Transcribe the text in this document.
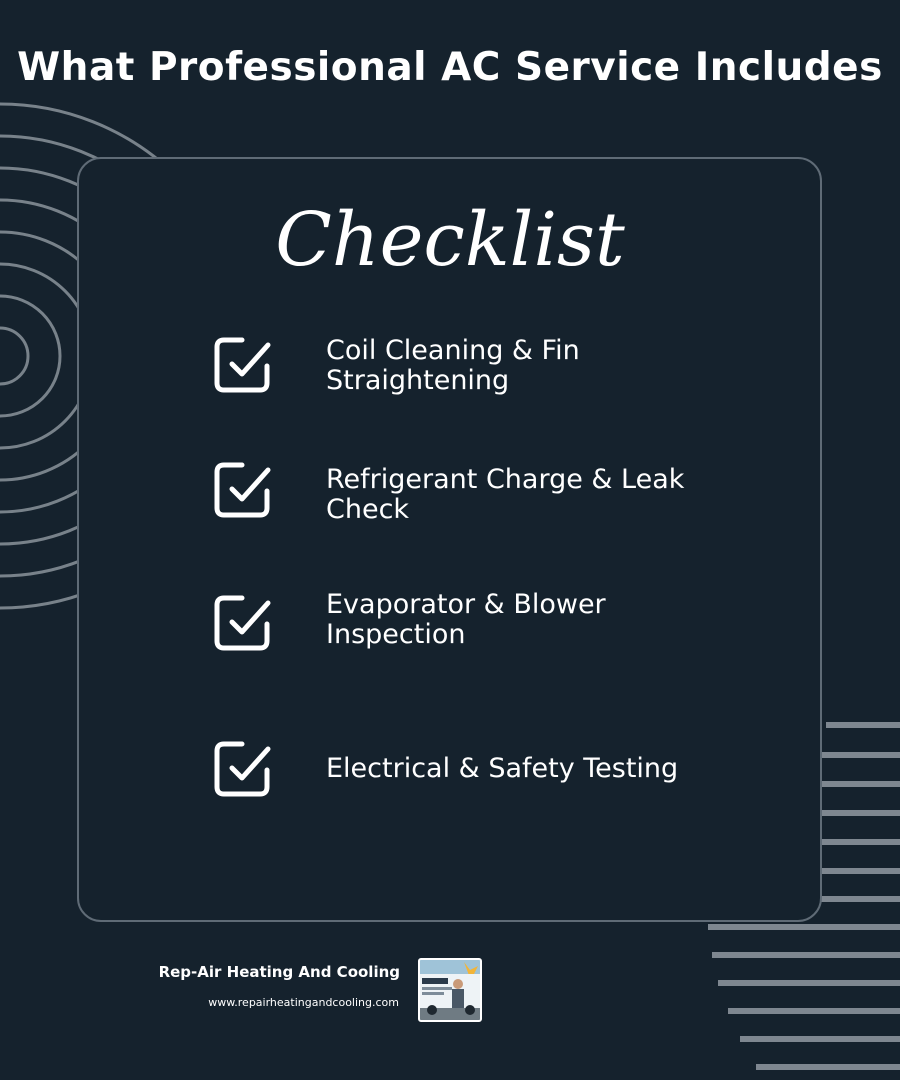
What Professional AC Service Includes
Checklist
Coil Cleaning & Fin Straightening
Refrigerant Charge & Leak Check
Evaporator & Blower Inspection
Electrical & Safety Testing
Rep-Air Heating And Cooling
www.repairheatingandcooling.com
